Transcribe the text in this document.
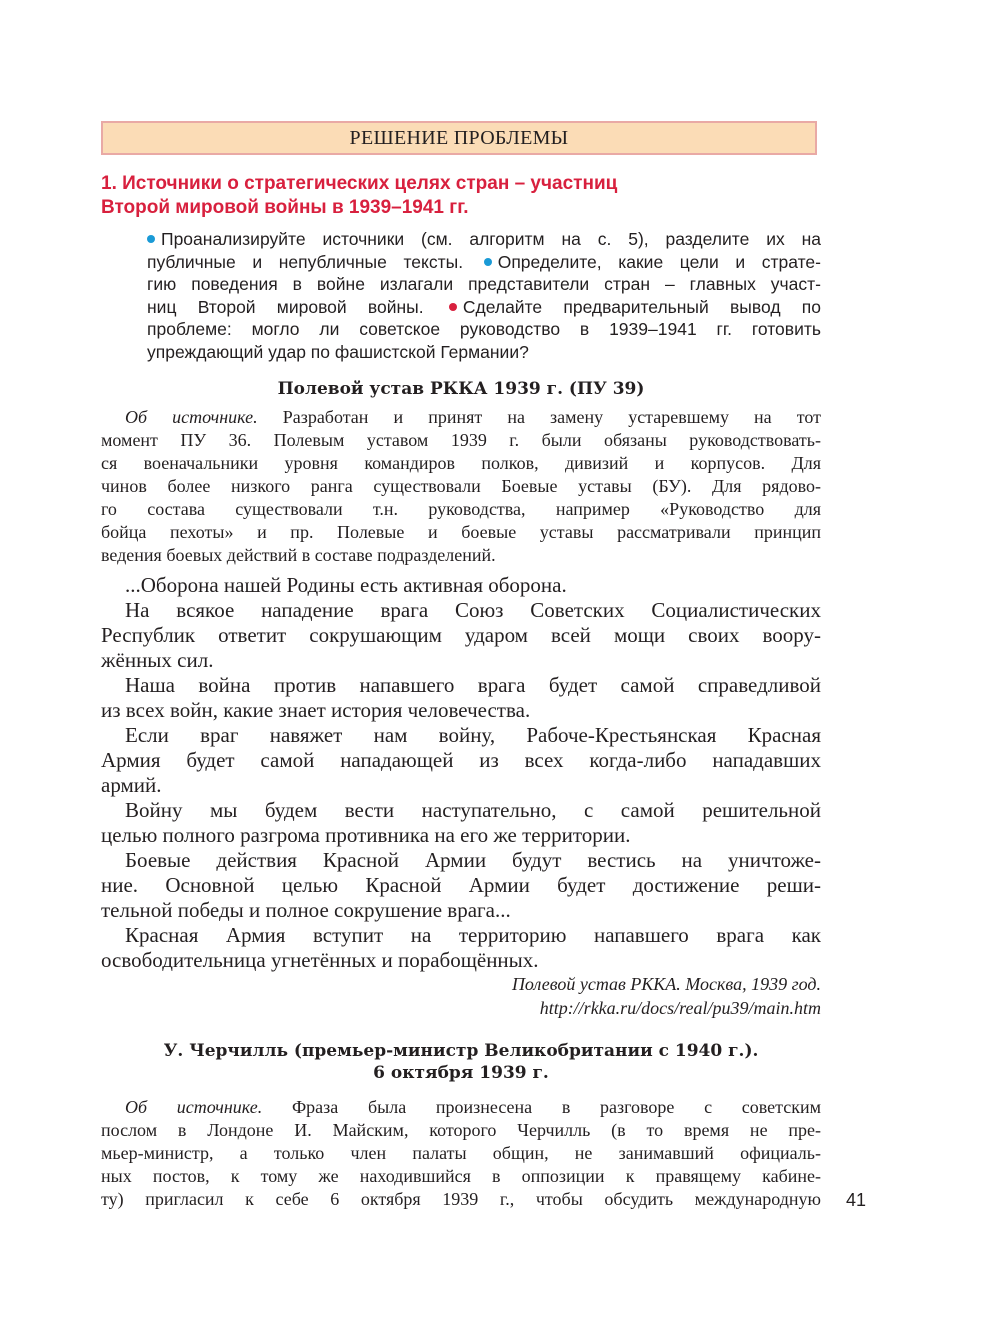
РЕШЕНИЕ ПРОБЛЕМЫ
1. Источники о стратегических целях стран – участниц
Второй мировой войны в 1939–1941 гг.
Проанализируйте источники (см. алгоритм на с. 5), разделите их на
публичные и непубличные тексты. Определите, какие цели и страте-
гию поведения в войне излагали представители стран – главных участ-
ниц Второй мировой войны. Сделайте предварительный вывод по
проблеме: могло ли советское руководство в 1939–1941 гг. готовить
упреждающий удар по фашистской Германии?
Полевой устав РККА 1939 г. (ПУ 39)
Об источнике. Разработан и принят на замену устаревшему на тот
момент ПУ 36. Полевым уставом 1939 г. были обязаны руководствовать-
ся военачальники уровня командиров полков, дивизий и корпусов. Для
чинов более низкого ранга существовали Боевые уставы (БУ). Для рядово-
го состава существовали т.н. руководства, например «Руководство для
бойца пехоты» и пр. Полевые и боевые уставы рассматривали принцип
ведения боевых действий в составе подразделений.
...Оборона нашей Родины есть активная оборона.
На всякое нападение врага Союз Советских Социалистических
Республик ответит сокрушающим ударом всей мощи своих воору-
жённых сил.
Наша война против напавшего врага будет самой справедливой
из всех войн, какие знает история человечества.
Если враг навяжет нам войну, Рабоче-Крестьянская Красная
Армия будет самой нападающей из всех когда-либо нападавших
армий.
Войну мы будем вести наступательно, с самой решительной
целью полного разгрома противника на его же территории.
Боевые действия Красной Армии будут вестись на уничтоже-
ние. Основной целью Красной Армии будет достижение реши-
тельной победы и полное сокрушение врага...
Красная Армия вступит на территорию напавшего врага как
освободительница угнетённых и порабощённых.
Полевой устав РККА. Москва, 1939 год.
http://rkka.ru/docs/real/pu39/main.htm
У. Черчилль (премьер-министр Великобритании с 1940 г.).
6 октября 1939 г.
Об источнике. Фраза была произнесена в разговоре с советским
послом в Лондоне И. Майским, которого Черчилль (в то время не пре-
мьер-министр, а только член палаты общин, не занимавший официаль-
ных постов, к тому же находившийся в оппозиции к правящему кабине-
ту) пригласил к себе 6 октября 1939 г., чтобы обсудить международную 41
